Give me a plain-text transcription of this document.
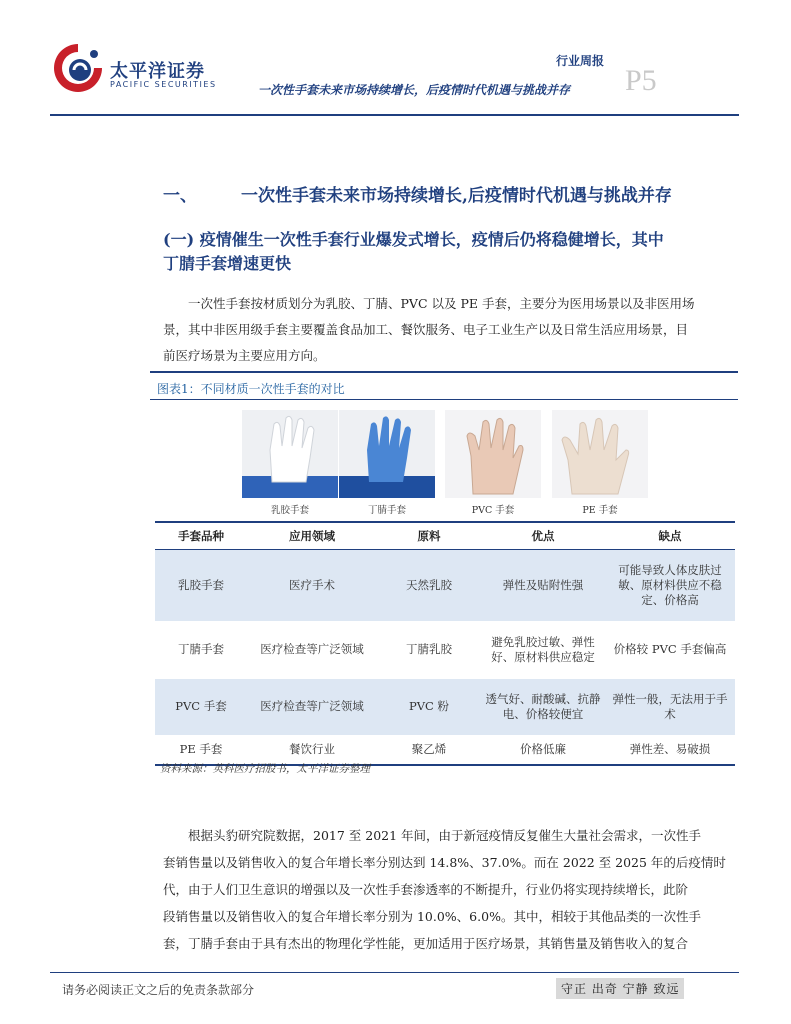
太平洋证券
PACIFIC SECURITIES
行业周报
一次性手套未来市场持续增长，后疫情时代机遇与挑战并存 P5
一、	一次性手套未来市场持续增长,后疫情时代机遇与挑战并存
(一) 疫情催生一次性手套行业爆发式增长，疫情后仍将稳健增长，其中
丁腈手套增速更快
一次性手套按材质划分为乳胶、丁腈、PVC 以及 PE 手套，主要分为医用场景以及非医用场
景，其中非医用级手套主要覆盖食品加工、餐饮服务、电子工业生产以及日常生活应用场景，目
前医疗场景为主要应用方向。
图表1：不同材质一次性手套的对比
乳胶手套	丁腈手套	PVC 手套	PE 手套
手套品种	应用领域	原料	优点	缺点
乳胶手套	医疗手术	天然乳胶	弹性及贴附性强	可能导致人体皮肤过敏、原材料供应不稳定、价格高
丁腈手套	医疗检查等广泛领域	丁腈乳胶	避免乳胶过敏、弹性好、原材料供应稳定	价格较 PVC 手套偏高
PVC 手套	医疗检查等广泛领域	PVC 粉	透气好、耐酸碱、抗静电、价格较便宜	弹性一般，无法用于手术
PE 手套	餐饮行业	聚乙烯	价格低廉	弹性差、易破损
资料来源：英科医疗招股书，太平洋证券整理
根据头豹研究院数据，2017 至 2021 年间，由于新冠疫情反复催生大量社会需求，一次性手
套销售量以及销售收入的复合年增长率分别达到 14.8%、37.0%。而在 2022 至 2025 年的后疫情时
代，由于人们卫生意识的增强以及一次性手套渗透率的不断提升，行业仍将实现持续增长，此阶
段销售量以及销售收入的复合年增长率分别为 10.0%、6.0%。其中，相较于其他品类的一次性手
套，丁腈手套由于具有杰出的物理化学性能，更加适用于医疗场景，其销售量及销售收入的复合
请务必阅读正文之后的免责条款部分	守正 出奇 宁静 致远
